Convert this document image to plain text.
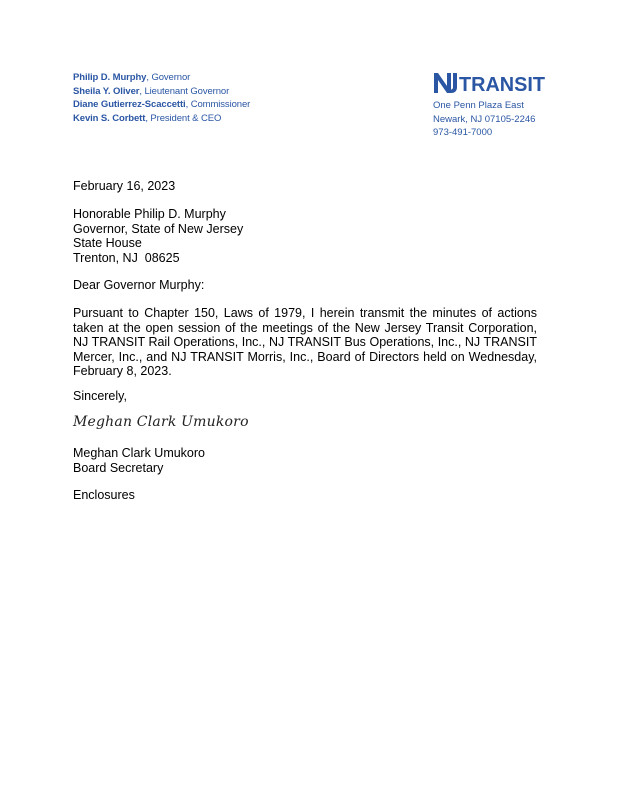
Philip D. Murphy, Governor
Sheila Y. Oliver, Lieutenant Governor
Diane Gutierrez-Scaccetti, Commissioner
Kevin S. Corbett, President & CEO
TRANSIT
One Penn Plaza East
Newark, NJ 07105-2246
973-491-7000
February 16, 2023
Honorable Philip D. Murphy
Governor, State of New Jersey
State House
Trenton, NJ  08625
Dear Governor Murphy:
Pursuant to Chapter 150, Laws of 1979, I herein transmit the minutes of actions taken at the open session of the meetings of the New Jersey Transit Corporation, NJ TRANSIT Rail Operations, Inc., NJ TRANSIT Bus Operations, Inc., NJ TRANSIT Mercer, Inc., and NJ TRANSIT Morris, Inc., Board of Directors held on Wednesday, February 8, 2023.
Sincerely,
Meghan Clark Umukoro
Meghan Clark Umukoro
Board Secretary
Enclosures
